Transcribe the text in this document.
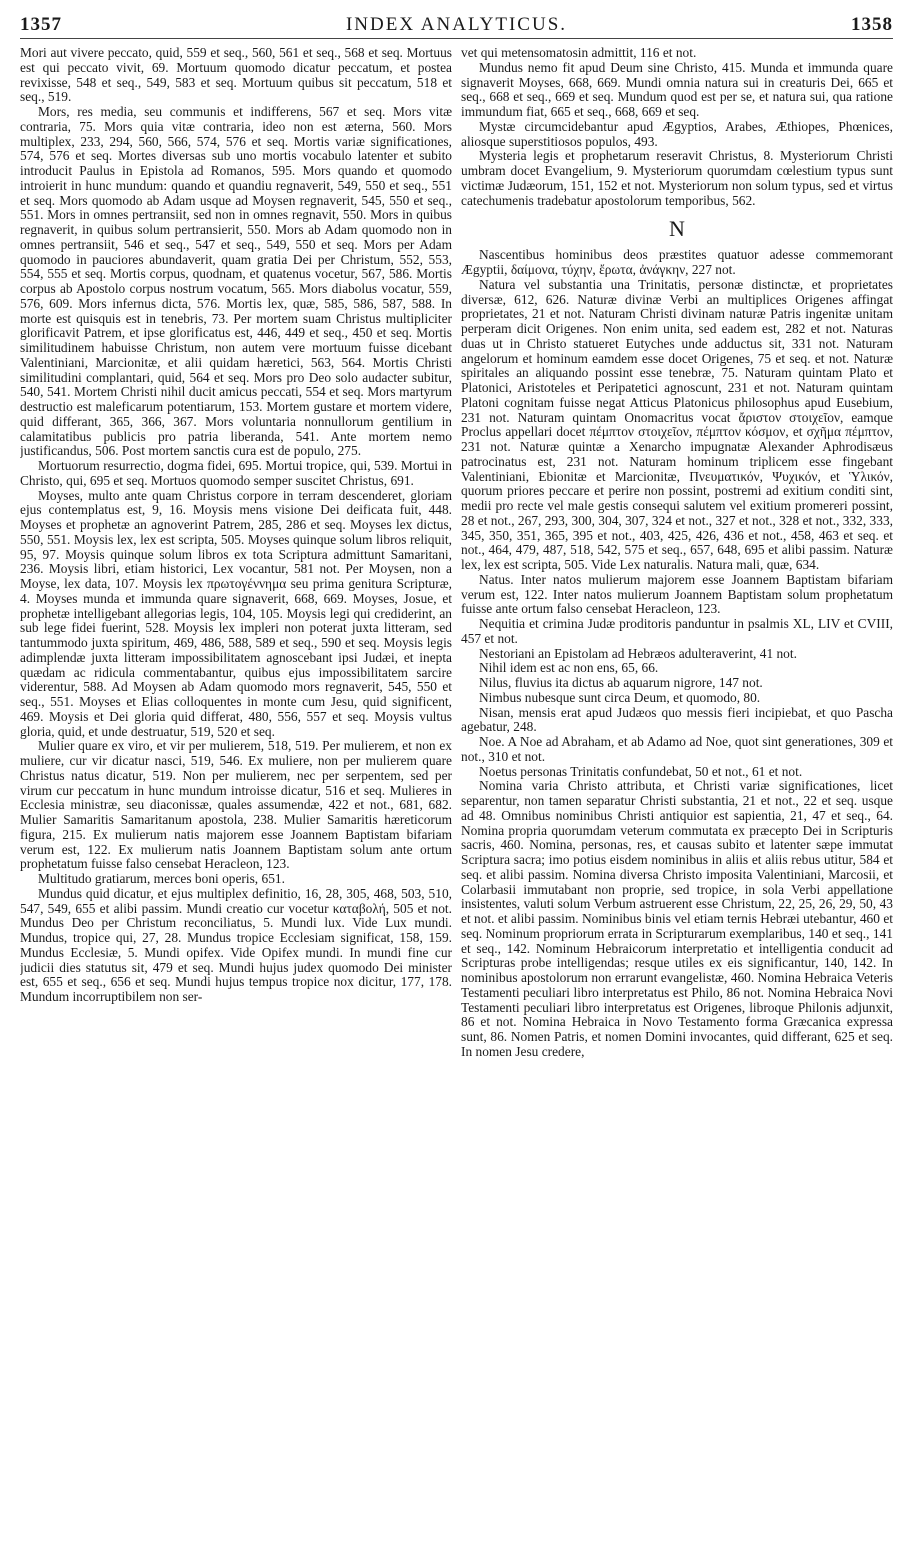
1357	INDEX ANALYTICUS.	1358

Mori aut vivere peccato, quid, 559 et seq., 560, 561 et seq., 568 et seq. Mortuus est qui peccato vivit, 69. Mortuum quomodo dicatur peccatum, et postea revixisse, 548 et seq., 549, 583 et seq. Mortuum quibus sit peccatum, 518 et seq., 519.

Mors, res media, seu communis et indifferens, 567 et seq. Mors vitæ contraria, 75. Mors quia vitæ contraria, ideo non est æterna, 560. Mors multiplex, 233, 294, 560, 566, 574, 576 et seq. Mortis variæ significationes, 574, 576 et seq. Mortes diversas sub uno mortis vocabulo latenter et subito introducit Paulus in Epistola ad Romanos, 595. Mors quando et quomodo introierit in hunc mundum: quando et quandiu regnaverit, 549, 550 et seq., 551 et seq. Mors quomodo ab Adam usque ad Moysen regnaverit, 545, 550 et seq., 551. Mors in omnes pertransiit, sed non in omnes regnavit, 550. Mors in quibus regnaverit, in quibus solum pertransierit, 550. Mors ab Adam quomodo non in omnes pertransiit, 546 et seq., 547 et seq., 549, 550 et seq. Mors per Adam quomodo in pauciores abundaverit, quam gratia Dei per Christum, 552, 553, 554, 555 et seq. Mortis corpus, quodnam, et quatenus vocetur, 567, 586. Mortis corpus ab Apostolo corpus nostrum vocatum, 565. Mors diabolus vocatur, 559, 576, 609. Mors infernus dicta, 576. Mortis lex, quæ, 585, 586, 587, 588. In morte est quisquis est in tenebris, 73. Per mortem suam Christus multipliciter glorificavit Patrem, et ipse glorificatus est, 446, 449 et seq., 450 et seq. Mortis similitudinem habuisse Christum, non autem vere mortuum fuisse dicebant Valentiniani, Marcionitæ, et alii quidam hæretici, 563, 564. Mortis Christi similitudini complantari, quid, 564 et seq. Mors pro Deo solo audacter subitur, 540, 541. Mortem Christi nihil ducit amicus peccati, 554 et seq. Mors martyrum destructio est maleficarum potentiarum, 153. Mortem gustare et mortem videre, quid differant, 365, 366, 367. Mors voluntaria nonnullorum gentilium in calamitatibus publicis pro patria liberanda, 541. Ante mortem nemo justificandus, 506. Post mortem sanctis cura est de populo, 275.

Mortuorum resurrectio, dogma fidei, 695. Mortui tropice, qui, 539. Mortui in Christo, qui, 695 et seq. Mortuos quomodo semper suscitet Christus, 691.

Moyses, multo ante quam Christus corpore in terram descenderet, gloriam ejus contemplatus est, 9, 16. Moysis mens visione Dei deificata fuit, 448. Moyses et prophetæ an agnoverint Patrem, 285, 286 et seq. Moyses lex dictus, 550, 551. Moysis lex, lex est scripta, 505. Moyses quinque solum libros reliquit, 95, 97. Moysis quinque solum libros ex tota Scriptura admittunt Samaritani, 236. Moysis libri, etiam historici, Lex vocantur, 581 not. Per Moysen, non a Moyse, lex data, 107. Moysis lex πρωτογέννημα seu prima genitura Scripturæ, 4. Moyses munda et immunda quare signaverit, 668, 669. Moyses, Josue, et prophetæ intelligebant allegorias legis, 104, 105. Moysis legi qui crediderint, an sub lege fidei fuerint, 528. Moysis lex impleri non poterat juxta litteram, sed tantummodo juxta spiritum, 469, 486, 588, 589 et seq., 590 et seq. Moysis legis adimplendæ juxta litteram impossibilitatem agnoscebant ipsi Judæi, et inepta quædam ac ridicula commentabantur, quibus ejus impossibilitatem sarcire viderentur, 588. Ad Moysen ab Adam quomodo mors regnaverit, 545, 550 et seq., 551. Moyses et Elias colloquentes in monte cum Jesu, quid significent, 469. Moysis et Dei gloria quid differat, 480, 556, 557 et seq. Moysis vultus gloria, quid, et unde destruatur, 519, 520 et seq.

Mulier quare ex viro, et vir per mulierem, 518, 519. Per mulierem, et non ex muliere, cur vir dicatur nasci, 519, 546. Ex muliere, non per mulierem quare Christus natus dicatur, 519. Non per mulierem, nec per serpentem, sed per virum cur peccatum in hunc mundum introisse dicatur, 516 et seq. Mulieres in Ecclesia ministræ, seu diaconissæ, quales assumendæ, 422 et not., 681, 682. Mulier Samaritis Samaritanum apostola, 238. Mulier Samaritis hæreticorum figura, 215. Ex mulierum natis majorem esse Joannem Baptistam bifariam verum est, 122. Ex mulierum natis Joannem Baptistam solum ante ortum prophetatum fuisse falso censebat Heracleon, 123.

Multitudo gratiarum, merces boni operis, 651.

Mundus quid dicatur, et ejus multiplex definitio, 16, 28, 305, 468, 503, 510, 547, 549, 655 et alibi passim. Mundi creatio cur vocetur καταβολή, 505 et not. Mundus Deo per Christum reconciliatus, 5. Mundi lux. Vide Lux mundi. Mundus, tropice qui, 27, 28. Mundus tropice Ecclesiam significat, 158, 159. Mundus Ecclesiæ, 5. Mundi opifex. Vide Opifex mundi. In mundi fine cur judicii dies statutus sit, 479 et seq. Mundi hujus judex quomodo Dei minister est, 655 et seq., 656 et seq. Mundi hujus tempus tropice nox dicitur, 177, 178. Mundum incorruptibilem non ser-

vet qui metensomatosin admittit, 116 et not.

Mundus nemo fit apud Deum sine Christo, 415. Munda et immunda quare signaverit Moyses, 668, 669. Mundi omnia natura sui in creaturis Dei, 665 et seq., 668 et seq., 669 et seq. Mundum quod est per se, et natura sui, qua ratione immundum fiat, 665 et seq., 668, 669 et seq.

Mystæ circumcidebantur apud Ægyptios, Arabes, Æthiopes, Phœnices, aliosque superstitiosos populos, 493.

Mysteria legis et prophetarum reseravit Christus, 8. Mysteriorum Christi umbram docet Evangelium, 9. Mysteriorum quorumdam cœlestium typus sunt victimæ Judæorum, 151, 152 et not. Mysteriorum non solum typus, sed et virtus catechumenis tradebatur apostolorum temporibus, 562.

N

Nascentibus hominibus deos præstites quatuor adesse commemorant Ægyptii, δαίμονα, τύχην, ἔρωτα, ἀνάγκην, 227 not.

Natura vel substantia una Trinitatis, personæ distinctæ, et proprietates diversæ, 612, 626. Naturæ divinæ Verbi an multiplices Origenes affingat proprietates, 21 et not. Naturam Christi divinam naturæ Patris ingenitæ unitam perperam dicit Origenes. Non enim unita, sed eadem est, 282 et not. Naturas duas ut in Christo statueret Eutyches unde adductus sit, 331 not. Naturam angelorum et hominum eamdem esse docet Origenes, 75 et seq. et not. Naturæ spiritales an aliquando possint esse tenebræ, 75. Naturam quintam Plato et Platonici, Aristoteles et Peripatetici agnoscunt, 231 et not. Naturam quintam Platoni cognitam fuisse negat Atticus Platonicus philosophus apud Eusebium, 231 not. Naturam quintam Onomacritus vocat ἄριστον στοιχεῖον, eamque Proclus appellari docet πέμπτον στοιχεῖον, πέμπτον κόσμον, et σχῆμα πέμπτον, 231 not. Naturæ quintæ a Xenarcho impugnatæ Alexander Aphrodisæus patrocinatus est, 231 not. Naturam hominum triplicem esse fingebant Valentiniani, Ebionitæ et Marcionitæ, Πνευματικόν, Ψυχικόν, et Ὑλικόν, quorum priores peccare et perire non possint, postremi ad exitium conditi sint, medii pro recte vel male gestis consequi salutem vel exitium promereri possint, 28 et not., 267, 293, 300, 304, 307, 324 et not., 327 et not., 328 et not., 332, 333, 345, 350, 351, 365, 395 et not., 403, 425, 426, 436 et not., 458, 463 et seq. et not., 464, 479, 487, 518, 542, 575 et seq., 657, 648, 695 et alibi passim. Naturæ lex, lex est scripta, 505. Vide Lex naturalis. Natura mali, quæ, 634.

Natus. Inter natos mulierum majorem esse Joannem Baptistam bifariam verum est, 122. Inter natos mulierum Joannem Baptistam solum prophetatum fuisse ante ortum falso censebat Heracleon, 123.

Nequitia et crimina Judæ proditoris panduntur in psalmis XL, LIV et CVIII, 457 et not.

Nestoriani an Epistolam ad Hebræos adulteraverint, 41 not.

Nihil idem est ac non ens, 65, 66.

Nilus, fluvius ita dictus ab aquarum nigrore, 147 not.

Nimbus nubesque sunt circa Deum, et quomodo, 80.

Nisan, mensis erat apud Judæos quo messis fieri incipiebat, et quo Pascha agebatur, 248.

Noe. A Noe ad Abraham, et ab Adamo ad Noe, quot sint generationes, 309 et not., 310 et not.

Noetus personas Trinitatis confundebat, 50 et not., 61 et not.

Nomina varia Christo attributa, et Christi variæ significationes, licet separentur, non tamen separatur Christi substantia, 21 et not., 22 et seq. usque ad 48. Omnibus nominibus Christi antiquior est sapientia, 21, 47 et seq., 64. Nomina propria quorumdam veterum commutata ex præcepto Dei in Scripturis sacris, 460. Nomina, personas, res, et causas subito et latenter sæpe immutat Scriptura sacra; imo potius eisdem nominibus in aliis et aliis rebus utitur, 584 et seq. et alibi passim. Nomina diversa Christo imposita Valentiniani, Marcosii, et Colarbasii immutabant non proprie, sed tropice, in sola Verbi appellatione insistentes, valuti solum Verbum astruerent esse Christum, 22, 25, 26, 29, 50, 43 et not. et alibi passim. Nominibus binis vel etiam ternis Hebræi utebantur, 460 et seq. Nominum propriorum errata in Scripturarum exemplaribus, 140 et seq., 141 et seq., 142. Nominum Hebraicorum interpretatio et intelligentia conducit ad Scripturas probe intelligendas; resque utiles ex eis significantur, 140, 142. In nominibus apostolorum non errarunt evangelistæ, 460. Nomina Hebraica Veteris Testamenti peculiari libro interpretatus est Philo, 86 not. Nomina Hebraica Novi Testamenti peculiari libro interpretatus est Origenes, libroque Philonis adjunxit, 86 et not. Nomina Hebraica in Novo Testamento forma Græcanica expressa sunt, 86. Nomen Patris, et nomen Domini invocantes, quid differant, 625 et seq. In nomen Jesu credere,
